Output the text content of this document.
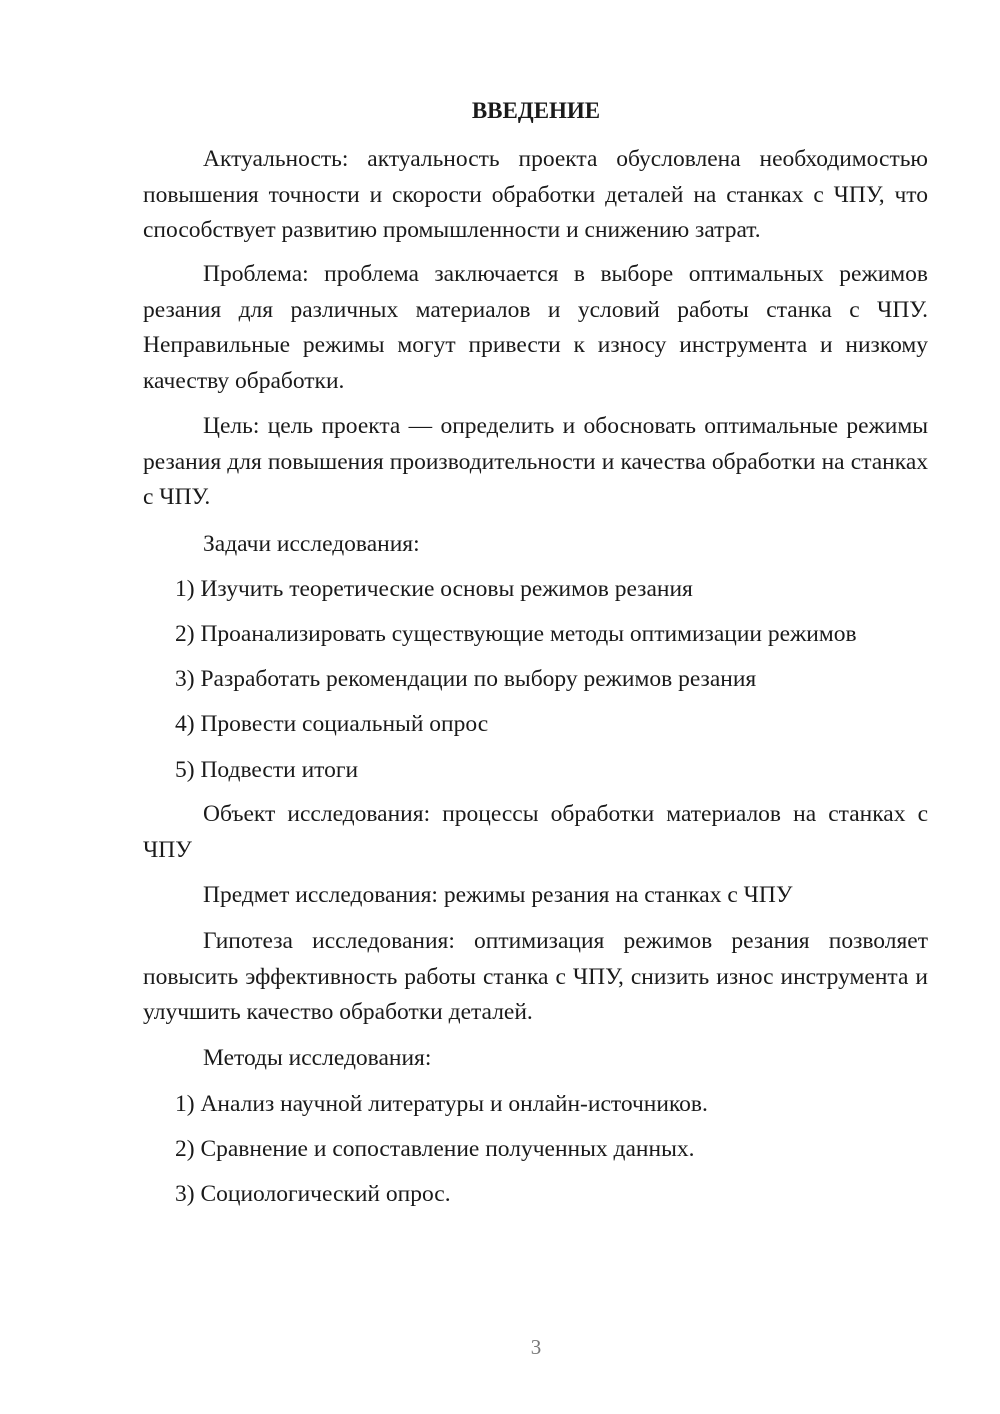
ВВЕДЕНИЕ

Актуальность: актуальность проекта обусловлена необходимостью повышения точности и скорости обработки деталей на станках с ЧПУ, что способствует развитию промышленности и снижению затрат.

Проблема: проблема заключается в выборе оптимальных режимов резания для различных материалов и условий работы станка с ЧПУ. Неправильные режимы могут привести к износу инструмента и низкому качеству обработки.

Цель: цель проекта — определить и обосновать оптимальные режимы резания для повышения производительности и качества обработки на станках с ЧПУ.

Задачи исследования:

1) Изучить теоретические основы режимов резания

2) Проанализировать существующие методы оптимизации режимов

3) Разработать рекомендации по выбору режимов резания

4) Провести социальный опрос

5) Подвести итоги

Объект исследования: процессы обработки материалов на станках с ЧПУ

Предмет исследования: режимы резания на станках с ЧПУ

Гипотеза исследования: оптимизация режимов резания позволяет повысить эффективность работы станка с ЧПУ, снизить износ инструмента и улучшить качество обработки деталей.

Методы исследования:

1) Анализ научной литературы и онлайн-источников.

2) Сравнение и сопоставление полученных данных.

3) Социологический опрос.

3
